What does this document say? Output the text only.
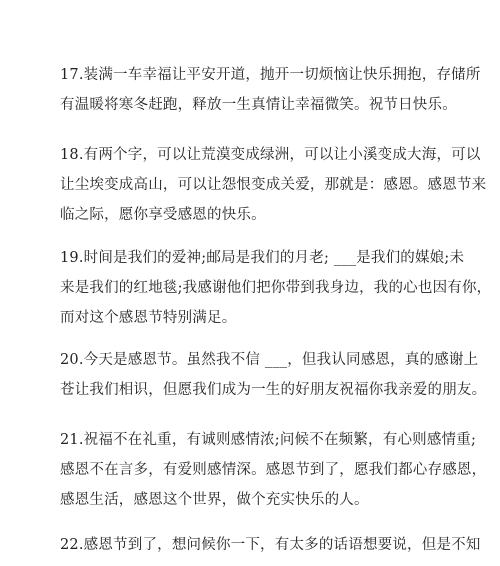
17.装满一车幸福让平安开道，抛开一切烦恼让快乐拥抱，存储所
有温暖将寒冬赶跑，释放一生真情让幸福微笑。祝节日快乐。
18.有两个字，可以让荒漠变成绿洲，可以让小溪变成大海，可以
让尘埃变成高山，可以让怨恨变成关爱，那就是：感恩。感恩节来
临之际，愿你享受感恩的快乐。
19.时间是我们的爱神;邮局是我们的月老; ___是我们的媒娘;未
来是我们的红地毯;我感谢他们把你带到我身边，我的心也因有你，
而对这个感恩节特别满足。
20.今天是感恩节。虽然我不信 ___，但我认同感恩，真的感谢上
苍让我们相识，但愿我们成为一生的好朋友祝福你我亲爱的朋友。
21.祝福不在礼重，有诚则感情浓;问候不在频繁，有心则感情重;
感恩不在言多，有爱则感情深。感恩节到了，愿我们都心存感恩，
感恩生活，感恩这个世界，做个充实快乐的人。
22.感恩节到了，想问候你一下，有太多的话语想要说，但是不知
